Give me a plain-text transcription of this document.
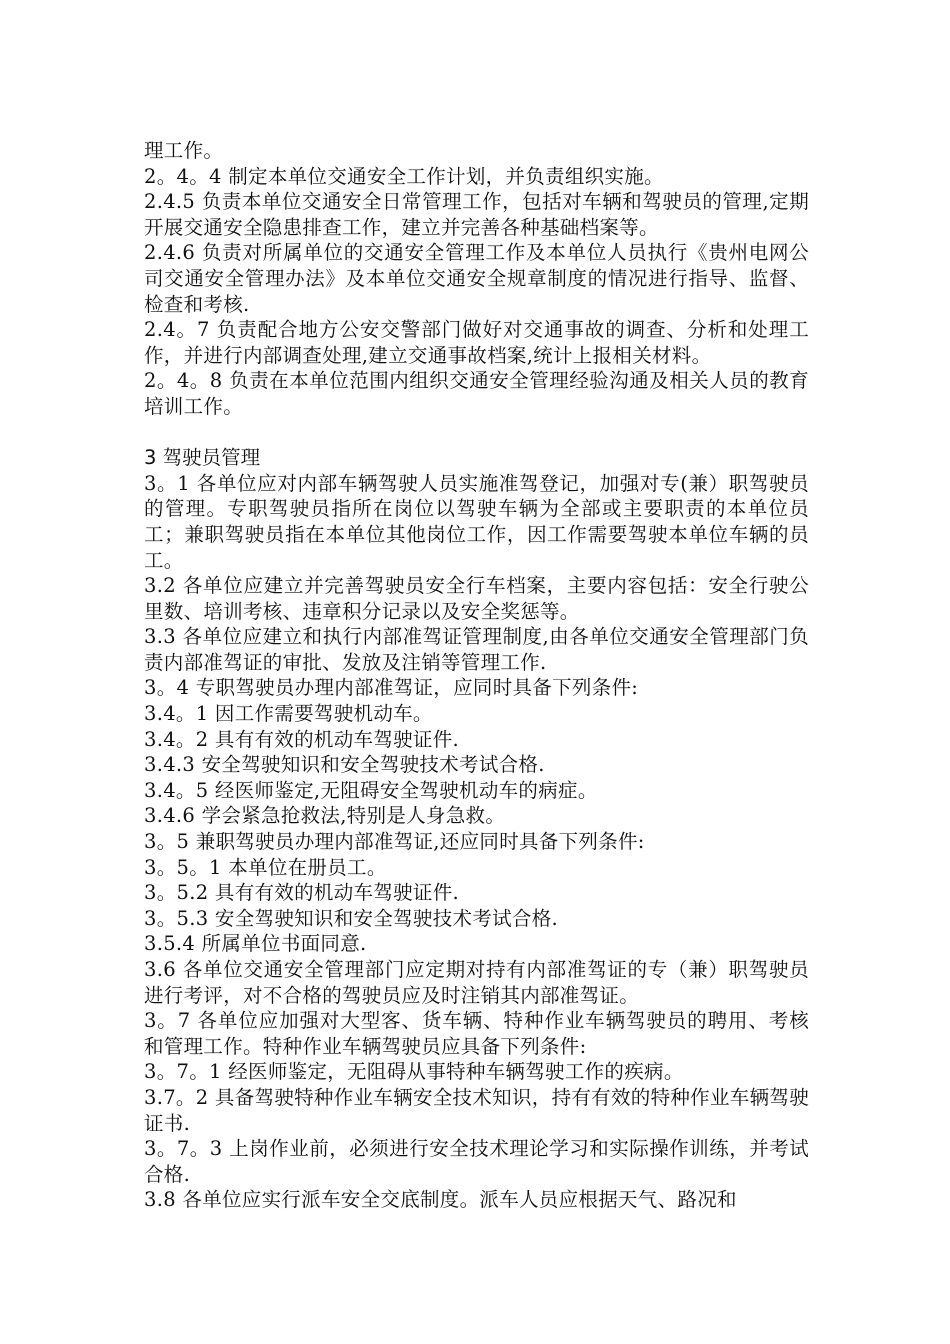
理工作。

2。4。4 制定本单位交通安全工作计划，并负责组织实施。

2.4.5 负责本单位交通安全日常管理工作，包括对车辆和驾驶员的管理,定期开展交通安全隐患排查工作，建立并完善各种基础档案等。

2.4.6 负责对所属单位的交通安全管理工作及本单位人员执行《贵州电网公司交通安全管理办法》及本单位交通安全规章制度的情况进行指导、监督、检查和考核.

2.4。7 负责配合地方公安交警部门做好对交通事故的调查、分析和处理工作，并进行内部调查处理,建立交通事故档案,统计上报相关材料。

2。4。8 负责在本单位范围内组织交通安全管理经验沟通及相关人员的教育培训工作。

3 驾驶员管理

3。1 各单位应对内部车辆驾驶人员实施准驾登记，加强对专(兼）职驾驶员的管理。专职驾驶员指所在岗位以驾驶车辆为全部或主要职责的本单位员工；兼职驾驶员指在本单位其他岗位工作，因工作需要驾驶本单位车辆的员工。

3.2 各单位应建立并完善驾驶员安全行车档案，主要内容包括：安全行驶公里数、培训考核、违章积分记录以及安全奖惩等。

3.3 各单位应建立和执行内部准驾证管理制度,由各单位交通安全管理部门负责内部准驾证的审批、发放及注销等管理工作.

3。4 专职驾驶员办理内部准驾证，应同时具备下列条件:

3.4。1 因工作需要驾驶机动车。

3.4。2 具有有效的机动车驾驶证件.

3.4.3 安全驾驶知识和安全驾驶技术考试合格.

3.4。5 经医师鉴定,无阻碍安全驾驶机动车的病症。

3.4.6 学会紧急抢救法,特别是人身急救。

3。5 兼职驾驶员办理内部准驾证,还应同时具备下列条件:

3。5。1 本单位在册员工。

3。5.2 具有有效的机动车驾驶证件.

3。5.3 安全驾驶知识和安全驾驶技术考试合格.

3.5.4 所属单位书面同意.

3.6 各单位交通安全管理部门应定期对持有内部准驾证的专（兼）职驾驶员进行考评，对不合格的驾驶员应及时注销其内部准驾证。

3。7 各单位应加强对大型客、货车辆、特种作业车辆驾驶员的聘用、考核和管理工作。特种作业车辆驾驶员应具备下列条件:

3。7。1 经医师鉴定，无阻碍从事特种车辆驾驶工作的疾病。

3.7。2 具备驾驶特种作业车辆安全技术知识，持有有效的特种作业车辆驾驶证书.

3。7。3 上岗作业前，必须进行安全技术理论学习和实际操作训练，并考试合格.

3.8 各单位应实行派车安全交底制度。派车人员应根据天气、路况和
